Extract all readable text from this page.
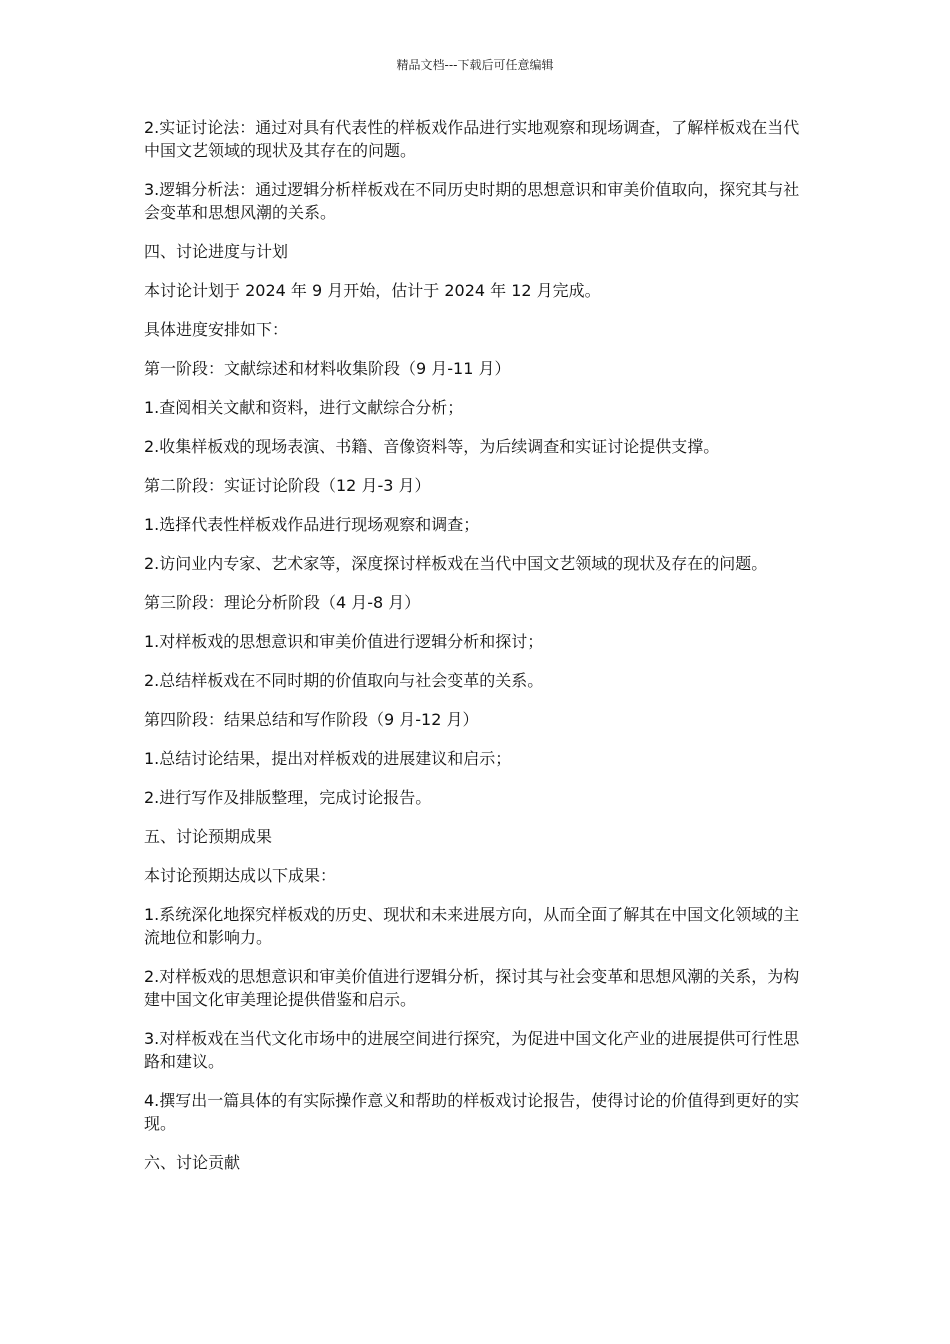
精品文档---下载后可任意编辑

2.实证讨论法：通过对具有代表性的样板戏作品进行实地观察和现场调查，了解样板戏在当代中国文艺领域的现状及其存在的问题。

3.逻辑分析法：通过逻辑分析样板戏在不同历史时期的思想意识和审美价值取向，探究其与社会变革和思想风潮的关系。

四、讨论进度与计划

本讨论计划于 2024 年 9 月开始，估计于 2024 年 12 月完成。

具体进度安排如下：

第一阶段：文献综述和材料收集阶段（9 月-11 月）

1.查阅相关文献和资料，进行文献综合分析；

2.收集样板戏的现场表演、书籍、音像资料等，为后续调查和实证讨论提供支撑。

第二阶段：实证讨论阶段（12 月-3 月）

1.选择代表性样板戏作品进行现场观察和调查；

2.访问业内专家、艺术家等，深度探讨样板戏在当代中国文艺领域的现状及存在的问题。

第三阶段：理论分析阶段（4 月-8 月）

1.对样板戏的思想意识和审美价值进行逻辑分析和探讨；

2.总结样板戏在不同时期的价值取向与社会变革的关系。

第四阶段：结果总结和写作阶段（9 月-12 月）

1.总结讨论结果，提出对样板戏的进展建议和启示；

2.进行写作及排版整理，完成讨论报告。

五、讨论预期成果

本讨论预期达成以下成果：

1.系统深化地探究样板戏的历史、现状和未来进展方向，从而全面了解其在中国文化领域的主流地位和影响力。

2.对样板戏的思想意识和审美价值进行逻辑分析，探讨其与社会变革和思想风潮的关系，为构建中国文化审美理论提供借鉴和启示。

3.对样板戏在当代文化市场中的进展空间进行探究，为促进中国文化产业的进展提供可行性思路和建议。

4.撰写出一篇具体的有实际操作意义和帮助的样板戏讨论报告，使得讨论的价值得到更好的实现。

六、讨论贡献
